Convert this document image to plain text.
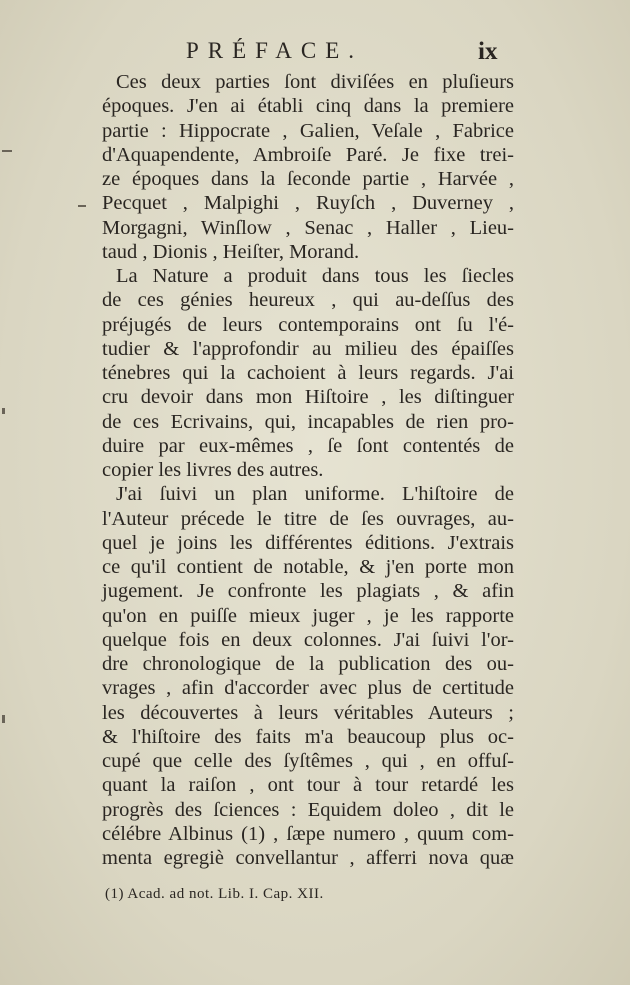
PRÉFACE.	ix
Ces deux parties ſont diviſées en pluſieurs
époques. J'en ai établi cinq dans la premiere
partie : Hippocrate , Galien, Veſale , Fabrice
d'Aquapendente, Ambroiſe Paré. Je fixe trei-
ze époques dans la ſeconde partie , Harvée ,
Pecquet , Malpighi , Ruyſch , Duverney ,
Morgagni, Winſlow , Senac , Haller , Lieu-
taud , Dionis , Heiſter, Morand.
La Nature a produit dans tous les ſiecles
de ces génies heureux , qui au-deſſus des
préjugés de leurs contemporains ont ſu l'é-
tudier & l'approfondir au milieu des épaiſſes
ténebres qui la cachoient à leurs regards. J'ai
cru devoir dans mon Hiſtoire , les diſtinguer
de ces Ecrivains, qui, incapables de rien pro-
duire par eux-mêmes , ſe ſont contentés de
copier les livres des autres.
J'ai ſuivi un plan uniforme. L'hiſtoire de
l'Auteur précede le titre de ſes ouvrages, au-
quel je joins les différentes éditions. J'extrais
ce qu'il contient de notable, & j'en porte mon
jugement. Je confronte les plagiats , & afin
qu'on en puiſſe mieux juger , je les rapporte
quelque fois en deux colonnes. J'ai ſuivi l'or-
dre chronologique de la publication des ou-
vrages , afin d'accorder avec plus de certitude
les découvertes à leurs véritables Auteurs ;
& l'hiſtoire des faits m'a beaucoup plus oc-
cupé que celle des ſyſtêmes , qui , en offuſ-
quant la raiſon , ont tour à tour retardé les
progrès des ſciences : Equidem doleo , dit le
célébre Albinus (1) , ſæpe numero , quum com-
menta egregiè convellantur , afferri nova quæ
(1) Acad. ad not. Lib. I. Cap. XII.
